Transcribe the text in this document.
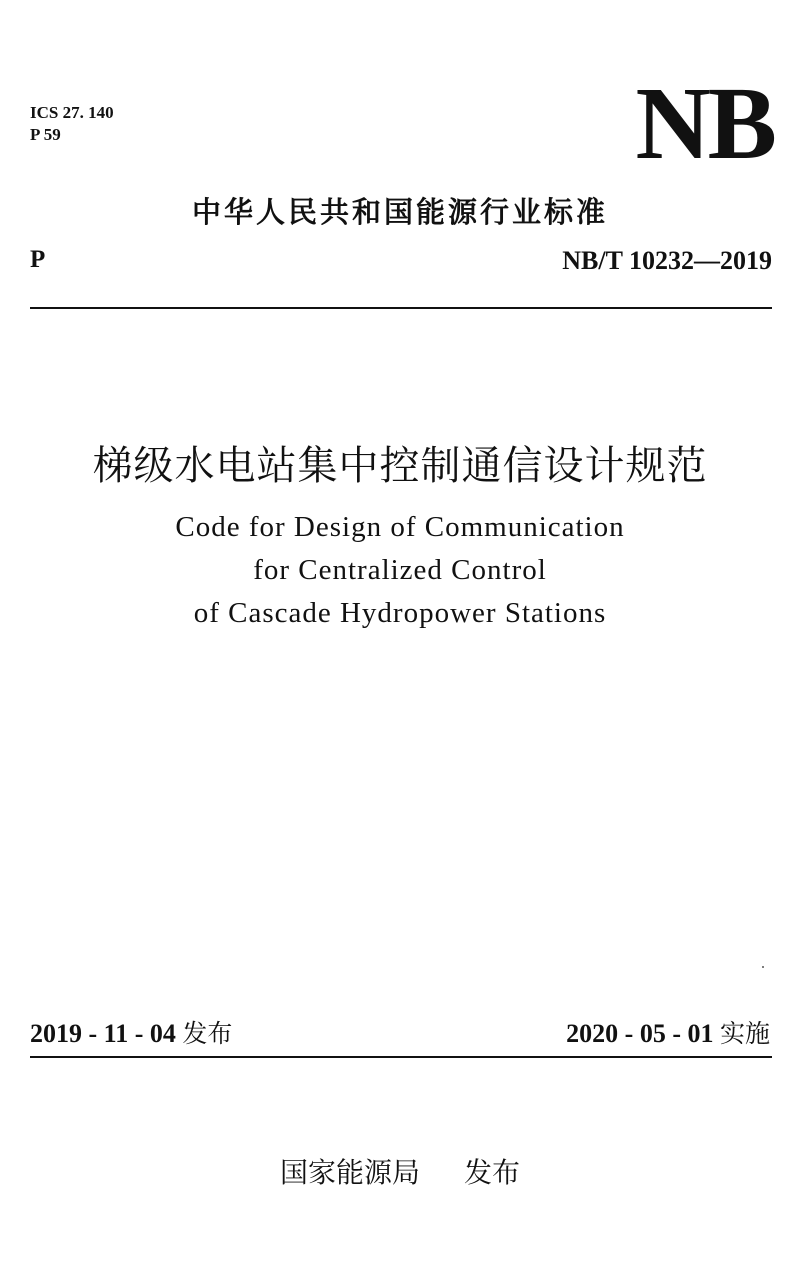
ICS 27. 140
P 59	NB
中华人民共和国能源行业标准
P	NB/T 10232—2019
梯级水电站集中控制通信设计规范
Code for Design of Communication
for Centralized Control
of Cascade Hydropower Stations
2019 - 11 - 04 发布	2020 - 05 - 01 实施
国家能源局 发布
